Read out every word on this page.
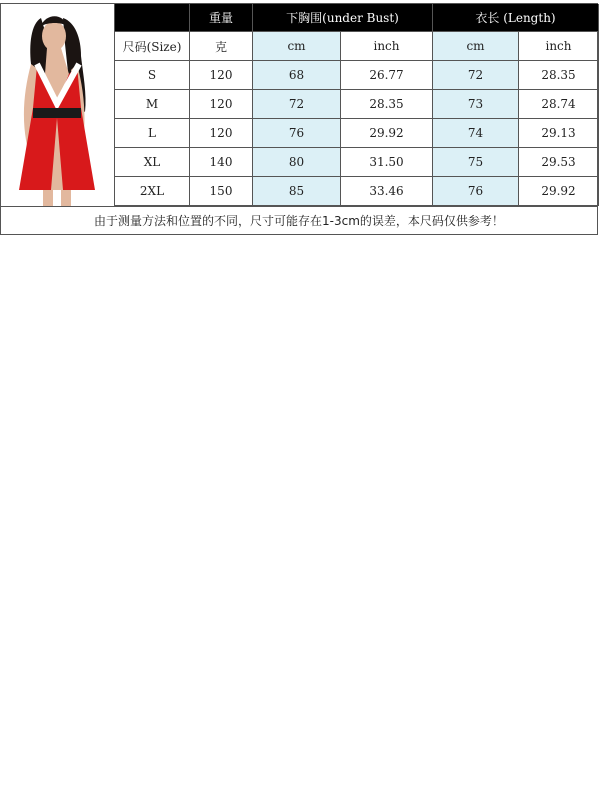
	重量	下胸围(under Bust)		衣长 (Length)	
尺码(Size)	克	cm	inch	cm	inch
S	120	68	26.77	72	28.35
M	120	72	28.35	73	28.74
L	120	76	29.92	74	29.13
XL	140	80	31.50	75	29.53
2XL	150	85	33.46	76	29.92
由于测量方法和位置的不同，尺寸可能存在1-3cm的误差，本尺码仅供参考！
